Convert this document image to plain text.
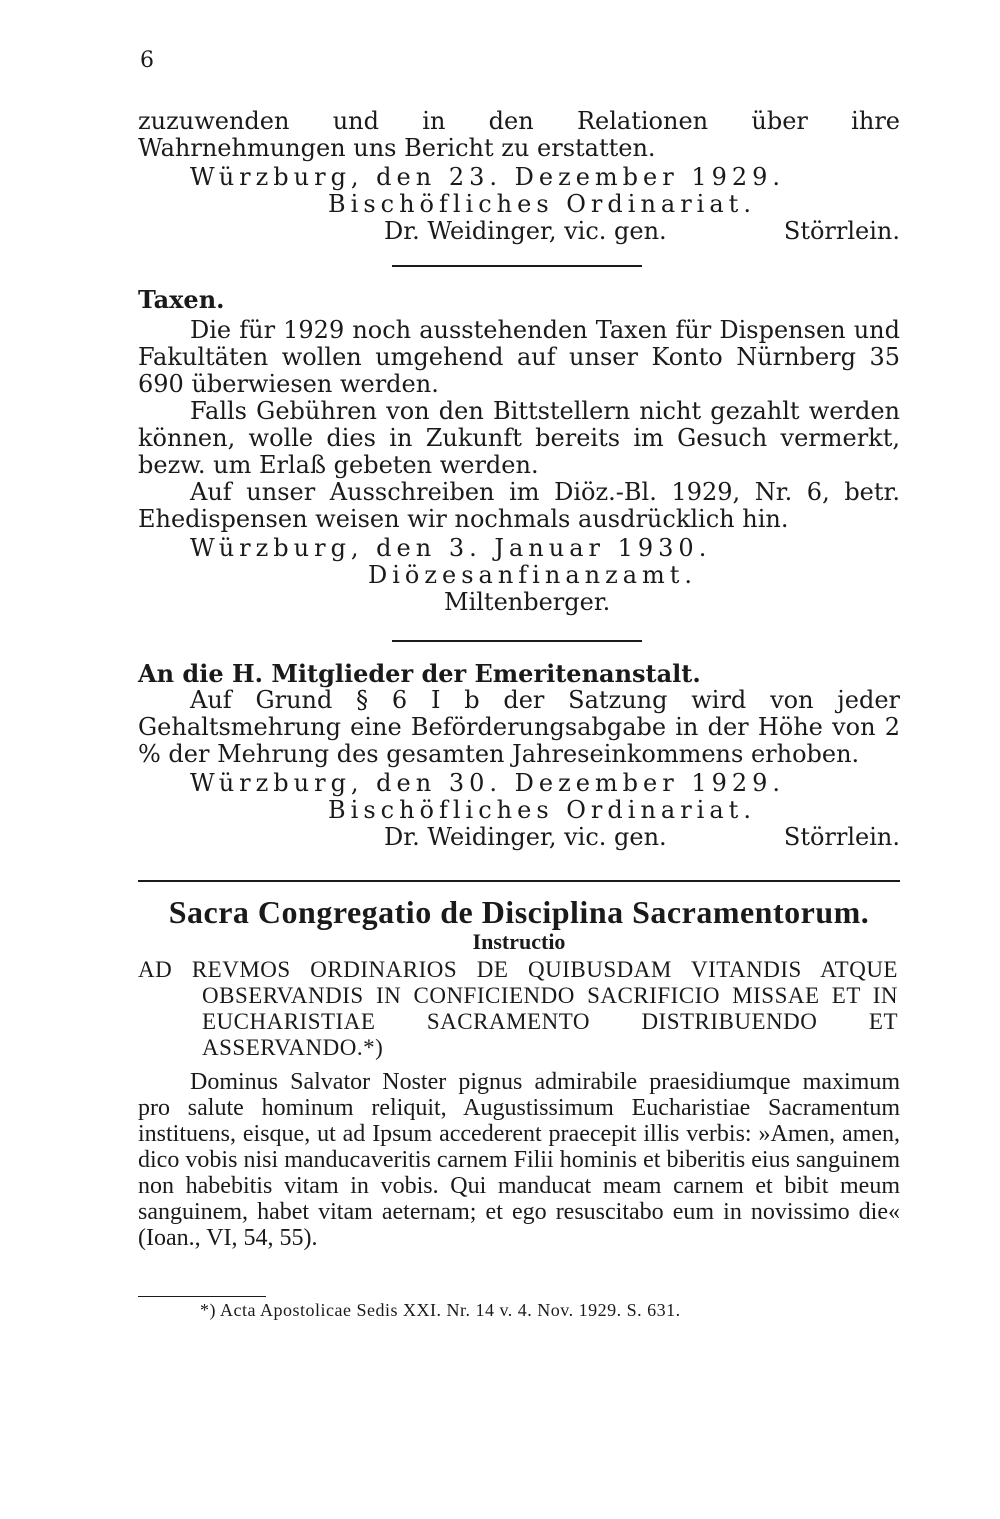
6

zuzuwenden und in den Relationen über ihre Wahrnehmungen uns Bericht zu erstatten.

Würzburg, den 23. Dezember 1929.

Bischöfliches Ordinariat.

Dr. Weidinger, vic. gen.	Störrlein.

Taxen.

Die für 1929 noch ausstehenden Taxen für Dispensen und Fakultäten wollen umgehend auf unser Konto Nürnberg 35 690 überwiesen werden.

Falls Gebühren von den Bittstellern nicht gezahlt werden können, wolle dies in Zukunft bereits im Gesuch vermerkt, bezw. um Erlaß gebeten werden.

Auf unser Ausschreiben im Diöz.-Bl. 1929, Nr. 6, betr. Ehedispensen weisen wir nochmals ausdrücklich hin.

Würzburg, den 3. Januar 1930.

Diözesanfinanzamt.

Miltenberger.

An die H. Mitglieder der Emeritenanstalt.

Auf Grund § 6 I b der Satzung wird von jeder Gehaltsmehrung eine Beförderungsabgabe in der Höhe von 2 % der Mehrung des gesamten Jahreseinkommens erhoben.

Würzburg, den 30. Dezember 1929.

Bischöfliches Ordinariat.

Dr. Weidinger, vic. gen.	Störrlein.

Sacra Congregatio de Disciplina Sacramentorum.

Instructio

AD REVMOS ORDINARIOS DE QUIBUSDAM VITANDIS ATQUE OBSERVANDIS IN CONFICIENDO SACRIFICIO MISSAE ET IN EUCHARISTIAE SACRAMENTO DISTRIBUENDO ET ASSERVANDO.*)

Dominus Salvator Noster pignus admirabile praesidiumque maximum pro salute hominum reliquit, Augustissimum Eucharistiae Sacramentum instituens, eisque, ut ad Ipsum accederent praecepit illis verbis: »Amen, amen, dico vobis nisi manducaveritis carnem Filii hominis et biberitis eius sanguinem non habebitis vitam in vobis. Qui manducat meam carnem et bibit meum sanguinem, habet vitam aeternam; et ego resuscitabo eum in novissimo die« (Ioan., VI, 54, 55).

*) Acta Apostolicae Sedis XXI. Nr. 14 v. 4. Nov. 1929. S. 631.
